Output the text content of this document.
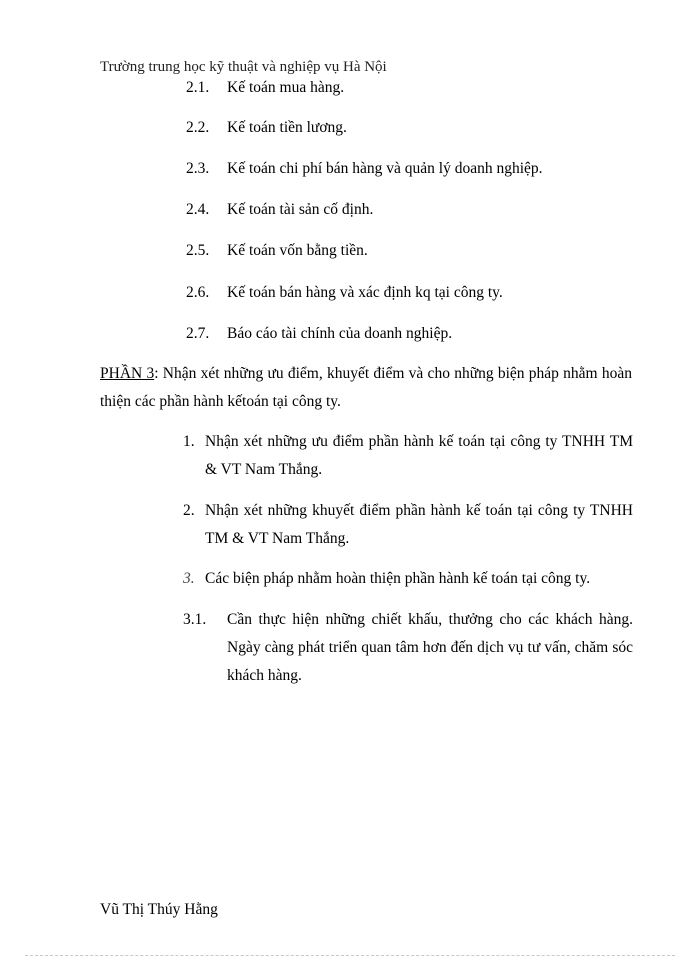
Trường trung học kỹ thuật và nghiệp vụ Hà Nội
2.1. Kế toán mua hàng.
2.2. Kế toán tiền lương.
2.3. Kế toán chi phí bán hàng và quản lý doanh nghiệp.
2.4. Kế toán tài sản cố định.
2.5. Kế toán vốn bằng tiền.
2.6. Kế toán bán hàng và xác định kq tại công ty.
2.7. Báo cáo tài chính của doanh nghiệp.
PHẦN 3: Nhận xét những ưu điểm, khuyết điểm và cho những biện pháp nhằm hoàn thiện các phần hành kếtoán tại công ty.
1. Nhận xét những ưu điểm phần hành kế toán tại công ty TNHH TM & VT Nam Thắng.
2. Nhận xét những khuyết điểm phần hành kế toán tại công ty TNHH TM & VT Nam Thắng.
3. Các biện pháp nhằm hoàn thiện phần hành kế toán tại công ty.
3.1. Cần thực hiện những chiết khấu, thưởng cho các khách hàng. Ngày càng phát triển quan tâm hơn đến dịch vụ tư vấn, chăm sóc khách hàng.
Vũ Thị Thúy Hằng
